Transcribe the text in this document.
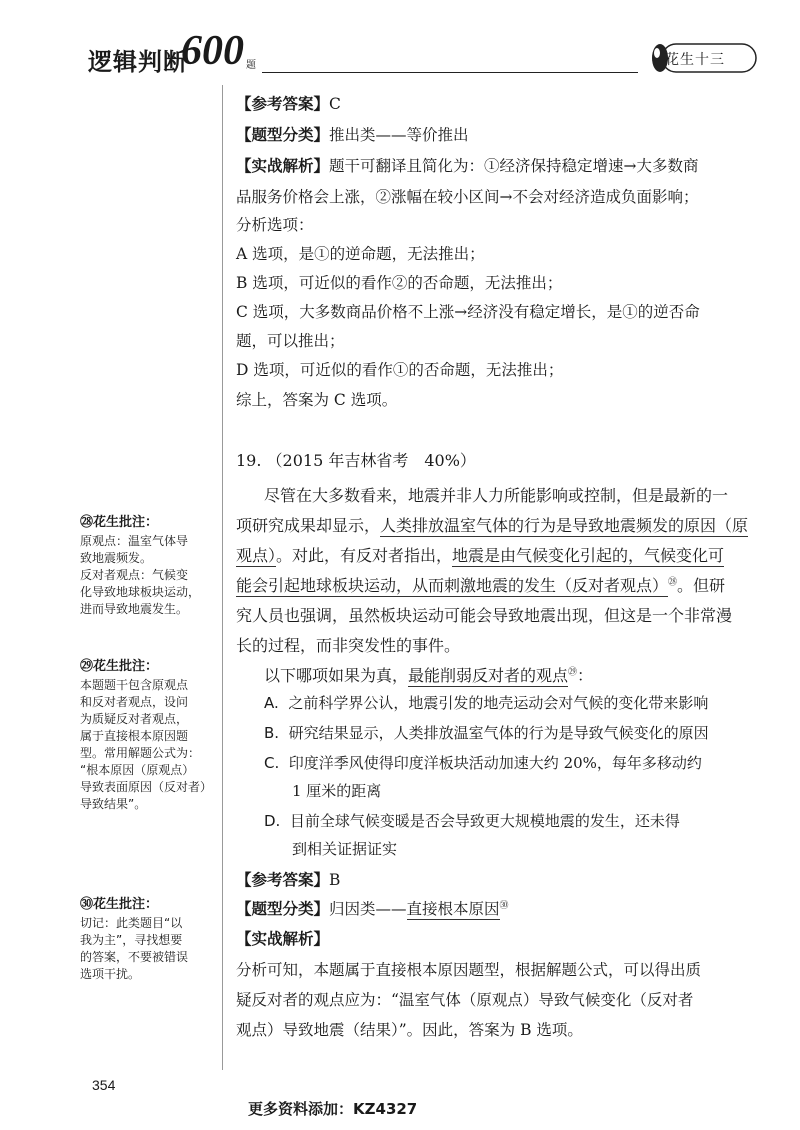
逻辑判断
600 题	花生十三
【参考答案】C
【题型分类】推出类——等价推出
【实战解析】题干可翻译且简化为：①经济保持稳定增速→大多数商
品服务价格会上涨，②涨幅在较小区间→不会对经济造成负面影响；
分析选项：
A 选项，是①的逆命题，无法推出；
B 选项，可近似的看作②的否命题，无法推出；
C 选项，大多数商品价格不上涨→经济没有稳定增长，是①的逆否命
题，可以推出；
D 选项，可近似的看作①的否命题，无法推出；
综上，答案为 C 选项。
19. （2015 年吉林省考　40%）
尽管在大多数看来，地震并非人力所能影响或控制，但是最新的一
项研究成果却显示，人类排放温室气体的行为是导致地震频发的原因（原
观点）。对此，有反对者指出，地震是由气候变化引起的，气候变化可
能会引起地球板块运动，从而刺激地震的发生（反对者观点）$^㉘$。但研
究人员也强调，虽然板块运动可能会导致地震出现，但这是一个非常漫
长的过程，而非突发性的事件。
以下哪项如果为真，最能削弱反对者的观点$^㉙$：
A. 之前科学界公认，地震引发的地壳运动会对气候的变化带来影响
B. 研究结果显示，人类排放温室气体的行为是导致气候变化的原因
C. 印度洋季风使得印度洋板块活动加速大约 20%，每年多移动约
1 厘米的距离
D. 目前全球气候变暖是否会导致更大规模地震的发生，还未得
到相关证据证实
【参考答案】B
【题型分类】归因类——直接根本原因$^㉚$
【实战解析】
分析可知，本题属于直接根本原因题型，根据解题公式，可以得出质
疑反对者的观点应为：“温室气体（原观点）导致气候变化（反对者
观点）导致地震（结果）”。因此，答案为 B 选项。
㉘花生批注：
原观点：温室气体导
致地震频发。
反对者观点：气候变
化导致地球板块运动，
进而导致地震发生。
㉙花生批注：
本题题干包含原观点
和反对者观点，设问
为质疑反对者观点，
属于直接根本原因题
型。常用解题公式为：
“根本原因（原观点）
导致表面原因（反对者）
导致结果”。
㉚花生批注：
切记：此类题目“以
我为主”，寻找想要
的答案，不要被错误
选项干扰。
354
更多资料添加：KZ4327
